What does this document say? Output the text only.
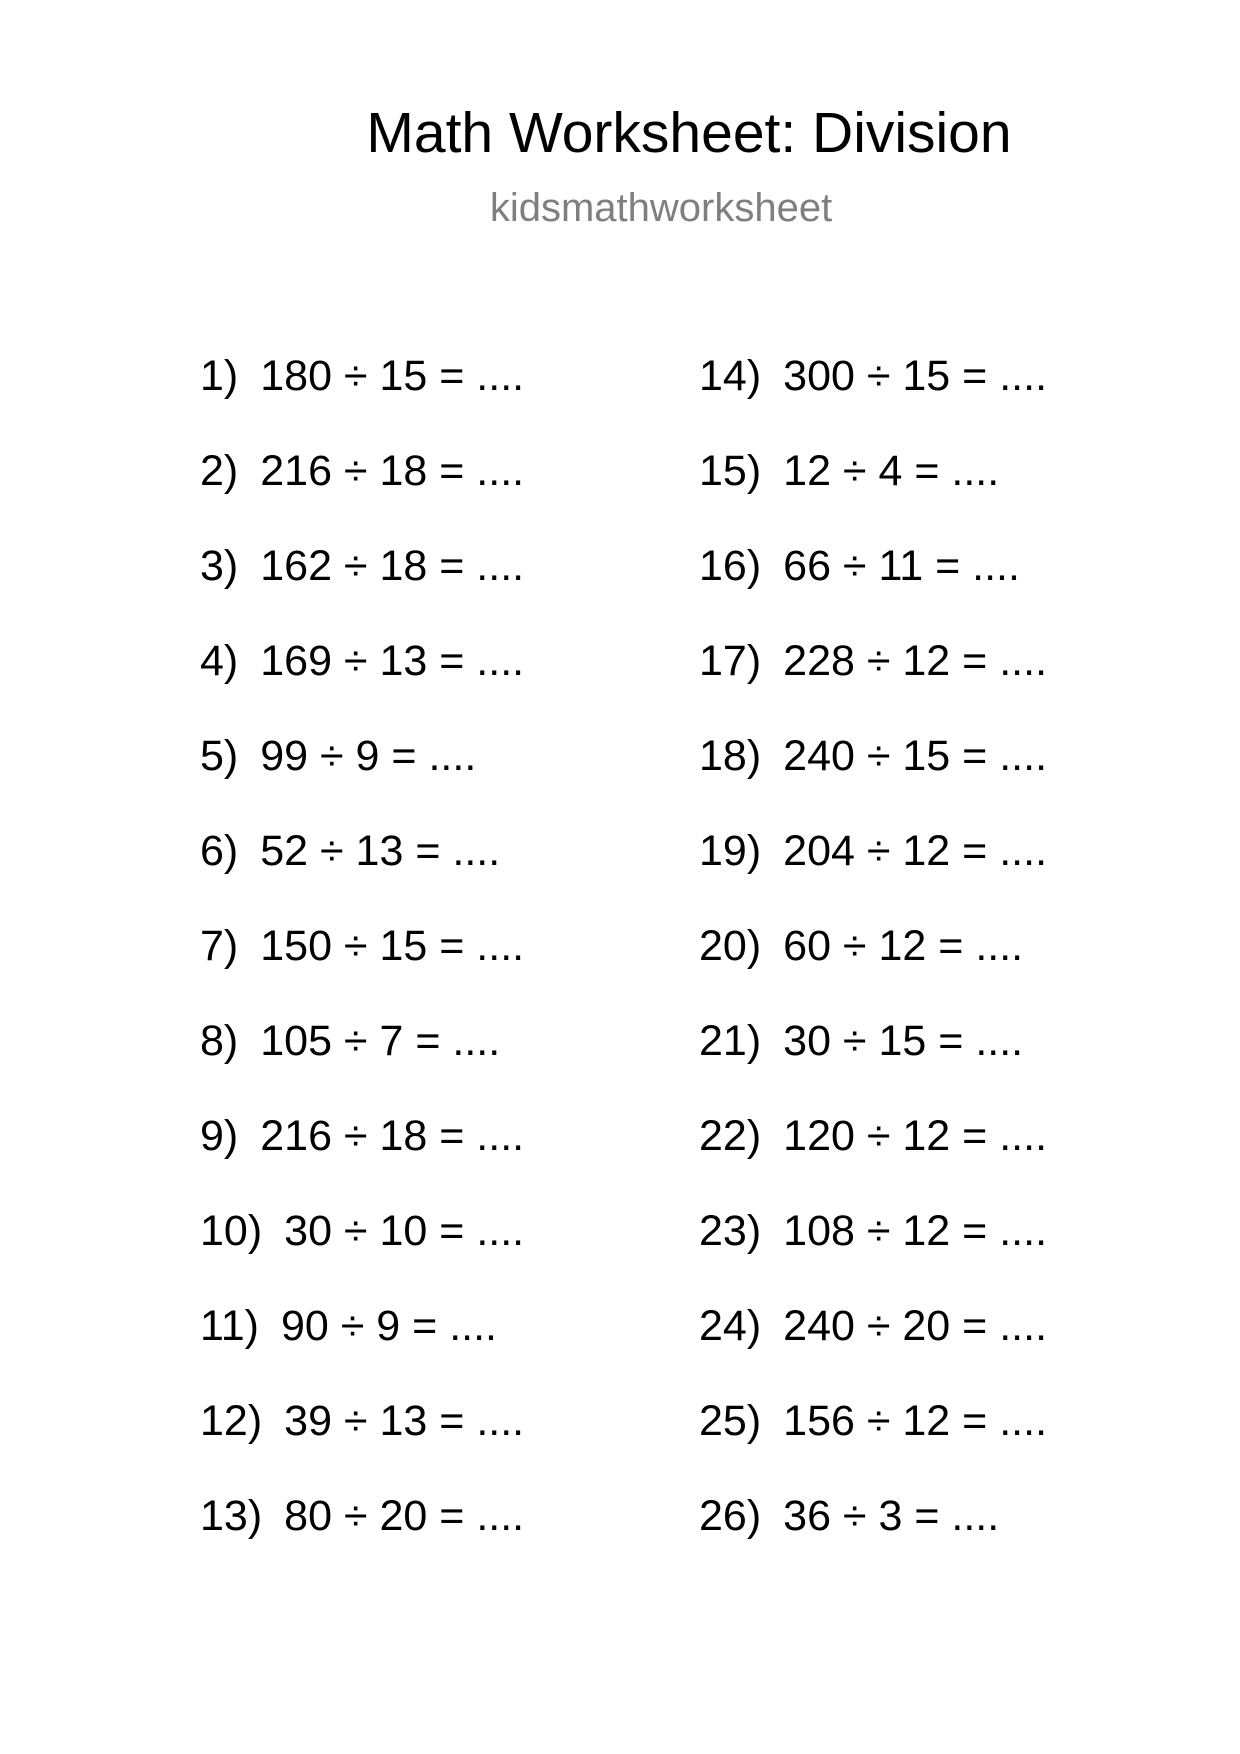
Math Worksheet: Division
kidsmathworksheet
1) 180 ÷ 15 = ....
2) 216 ÷ 18 = ....
3) 162 ÷ 18 = ....
4) 169 ÷ 13 = ....
5) 99 ÷ 9 = ....
6) 52 ÷ 13 = ....
7) 150 ÷ 15 = ....
8) 105 ÷ 7 = ....
9) 216 ÷ 18 = ....
10) 30 ÷ 10 = ....
11) 90 ÷ 9 = ....
12) 39 ÷ 13 = ....
13) 80 ÷ 20 = ....
14) 300 ÷ 15 = ....
15) 12 ÷ 4 = ....
16) 66 ÷ 11 = ....
17) 228 ÷ 12 = ....
18) 240 ÷ 15 = ....
19) 204 ÷ 12 = ....
20) 60 ÷ 12 = ....
21) 30 ÷ 15 = ....
22) 120 ÷ 12 = ....
23) 108 ÷ 12 = ....
24) 240 ÷ 20 = ....
25) 156 ÷ 12 = ....
26) 36 ÷ 3 = ....
